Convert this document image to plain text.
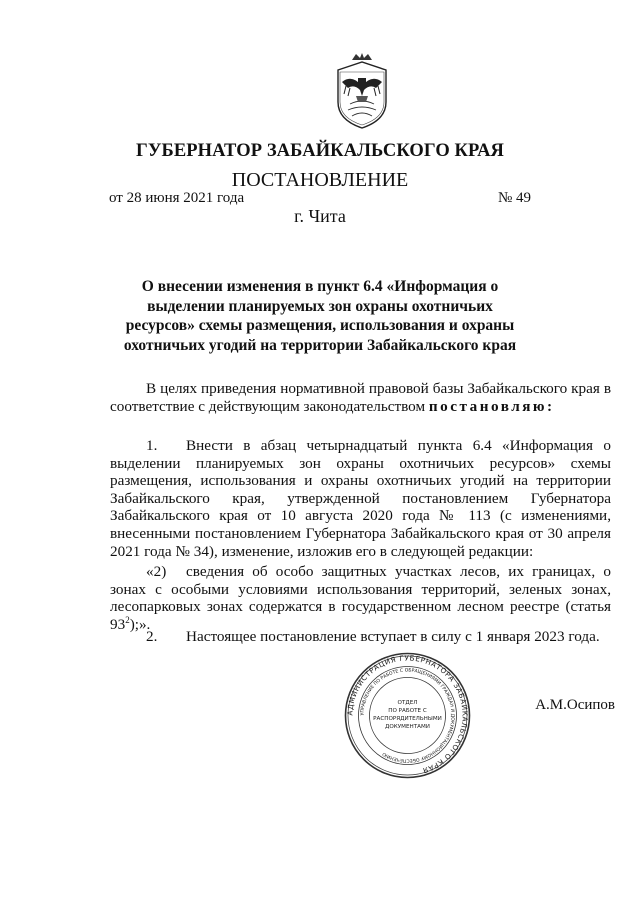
ГУБЕРНАТОР ЗАБАЙКАЛЬСКОГО КРАЯ
ПОСТАНОВЛЕНИЕ
от 28 июня 2021 года	№ 49
г. Чита
О внесении изменения в пункт 6.4 «Информация о выделении планируемых зон охраны охотничьих ресурсов» схемы размещения, использования и охраны охотничьих угодий на территории Забайкальского края
В целях приведения нормативной правовой базы Забайкальского края в соответствие с действующим законодательством постановляю:
1. Внести в абзац четырнадцатый пункта 6.4 «Информация о выделении планируемых зон охраны охотничьих ресурсов» схемы размещения, использования и охраны охотничьих угодий на территории Забайкальского края, утвержденной постановлением Губернатора Забайкальского края от 10 августа 2020 года № 113 (с изменениями, внесенными постановлением Губернатора Забайкальского края от 30 апреля 2021 года № 34), изменение, изложив его в следующей редакции:
«2) сведения об особо защитных участках лесов, их границах, о зонах с особыми условиями использования территорий, зеленых зонах, лесопарковых зонах содержатся в государственном лесном реестре (статья $93^2$);».
2. Настоящее постановление вступает в силу с 1 января 2023 года.
АДМИНИСТРАЦИЯ ГУБЕРНАТОРА ЗАБАЙКАЛЬСКОГО КРАЯ
УПРАВЛЕНИЕ ПО РАБОТЕ С ОБРАЩЕНИЯМИ ГРАЖДАН И ДОКУМЕНТАЦИОННОМУ ОБЕСПЕЧЕНИЮ
ОТДЕЛ
ПО РАБОТЕ С
РАСПОРЯДИТЕЛЬНЫМИ
ДОКУМЕНТАМИ
А.М.Осипов
